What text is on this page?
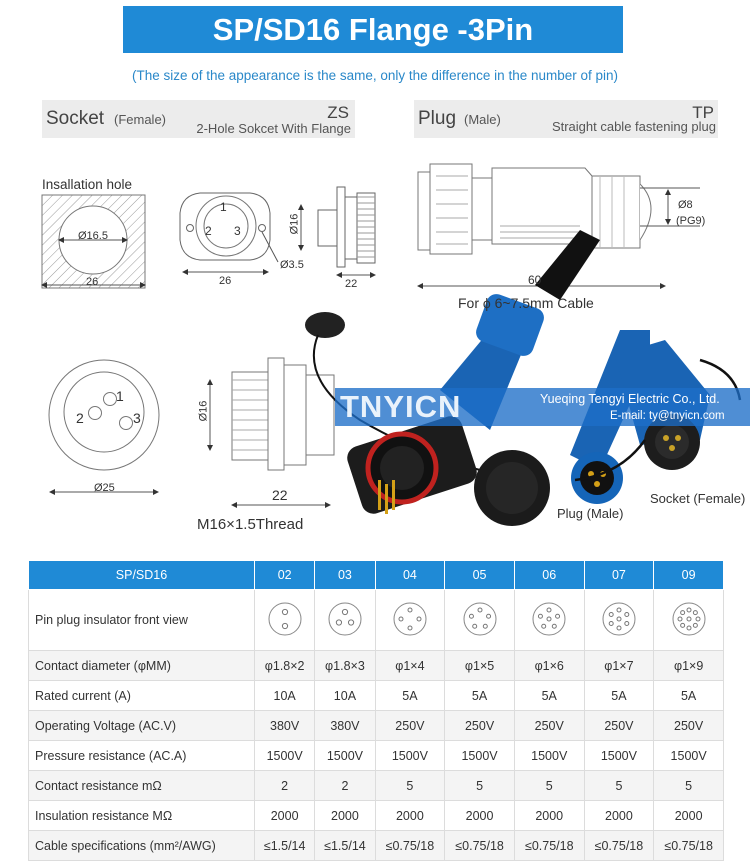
SP/SD16 Flange -3Pin
(The size of the appearance is the same, only the difference in the number of pin)
Socket (Female)	ZS
2-Hole Sokcet With Flange	Plug (Male)	TP
Straight cable fastening plug
TNYICN	Yueqing Tengyi Electric Co., Ltd.
E-mail: ty@tnyicn.com
Insallation hole
Ø16.5
26
1
2 3
26
Ø3.5
Ø16
22	60
Ø8
(PG9)
For ϕ 6~7.5mm Cable
1
2	3
Ø25
Ø16
22
M16×1.5Thread
Plug (Male)
Socket (Female)
SP/SD16	02	03	04	05	06	07	09
Pin plug insulator front view							
Contact diameter (φMM)	φ1.8×2	φ1.8×3	φ1×4	φ1×5	φ1×6	φ1×7	φ1×9
Rated current (A)	10A	10A	5A	5A	5A	5A	5A
Operating Voltage (AC.V)	380V	380V	250V	250V	250V	250V	250V
Pressure resistance (AC.A)	1500V	1500V	1500V	1500V	1500V	1500V	1500V
Contact resistance mΩ	2	2	5	5	5	5	5
Insulation resistance MΩ	2000	2000	2000	2000	2000	2000	2000
Cable specifications (mm²/AWG)	≤1.5/14	≤1.5/14	≤0.75/18	≤0.75/18	≤0.75/18	≤0.75/18	≤0.75/18
